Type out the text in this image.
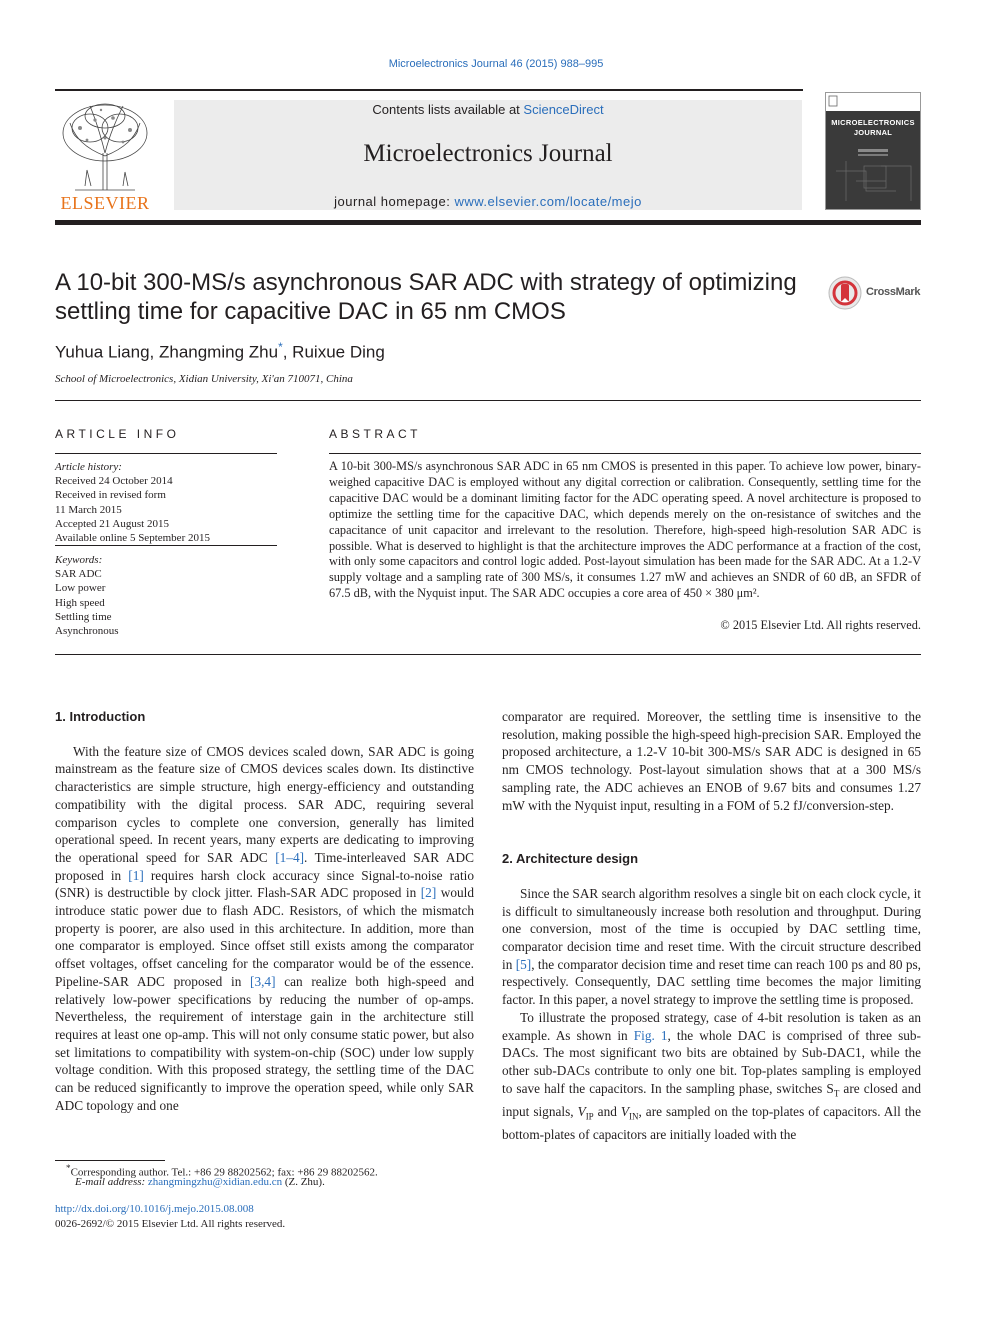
Microelectronics Journal 46 (2015) 988–995
ELSEVIER
Contents lists available at ScienceDirect
Microelectronics Journal
journal homepage: www.elsevier.com/locate/mejo
MICROELECTRONICS
JOURNAL
A 10-bit 300-MS/s asynchronous SAR ADC with strategy of optimizing settling time for capacitive DAC in 65 nm CMOS
CrossMark
Yuhua Liang, Zhangming Zhu*, Ruixue Ding
School of Microelectronics, Xidian University, Xi'an 710071, China
ARTICLE INFO
Article history:
Received 24 October 2014
Received in revised form
11 March 2015
Accepted 21 August 2015
Available online 5 September 2015
Keywords:
SAR ADC
Low power
High speed
Settling time
Asynchronous
ABSTRACT
A 10-bit 300-MS/s asynchronous SAR ADC in 65 nm CMOS is presented in this paper. To achieve low power, binary-weighed capacitive DAC is employed without any digital correction or calibration. Consequently, settling time for the capacitive DAC would be a dominant limiting factor for the ADC operating speed. A novel architecture is proposed to optimize the settling time for the capacitive DAC, which depends merely on the on-resistance of switches and the capacitance of unit capacitor and irrelevant to the resolution. Therefore, high-speed high-resolution SAR ADC is possible. What is deserved to highlight is that the architecture improves the ADC performance at a fraction of the cost, with only some capacitors and control logic added. Post-layout simulation has been made for the SAR ADC. At a 1.2-V supply voltage and a sampling rate of 300 MS/s, it consumes 1.27 mW and achieves an SNDR of 60 dB, an SFDR of 67.5 dB, with the Nyquist input. The SAR ADC occupies a core area of 450 × 380 μm².
© 2015 Elsevier Ltd. All rights reserved.
1. Introduction

With the feature size of CMOS devices scaled down, SAR ADC is going mainstream as the feature size of CMOS devices scales down. Its distinctive characteristics are simple structure, high energy-efficiency and outstanding compatibility with the digital process. SAR ADC, requiring several comparison cycles to complete one conversion, generally has limited operational speed. In recent years, many experts are dedicating to improving the operational speed for SAR ADC [1–4]. Time-interleaved SAR ADC proposed in [1] requires harsh clock accuracy since Signal-to-noise ratio (SNR) is destructible by clock jitter. Flash-SAR ADC proposed in [2] would introduce static power due to flash ADC. Resistors, of which the mismatch property is poorer, are also used in this architecture. In addition, more than one comparator is employed. Since offset still exists among the comparator offset voltages, offset canceling for the comparator would be of the essence. Pipeline-SAR ADC proposed in [3,4] can realize both high-speed and relatively low-power specifications by reducing the number of op-amps. Nevertheless, the requirement of interstage gain in the architecture still requires at least one op-amp. This will not only consume static power, but also set limitations to compatibility with system-on-chip (SOC) under low supply voltage condition. With this proposed strategy, the settling time of the DAC can be reduced significantly to improve the operation speed, while only SAR ADC topology and one

comparator are required. Moreover, the settling time is insensitive to the resolution, making possible the high-speed high-precision SAR. Employed the proposed architecture, a 1.2-V 10-bit 300-MS/s SAR ADC is designed in 65 nm CMOS technology. Post-layout simulation shows that at a 300 MS/s sampling rate, the ADC achieves an ENOB of 9.67 bits and consumes 1.27 mW with the Nyquist input, resulting in a FOM of 5.2 fJ/conversion-step.

2. Architecture design

Since the SAR search algorithm resolves a single bit on each clock cycle, it is difficult to simultaneously increase both resolution and throughput. During one conversion, most of the time is occupied by DAC settling time, comparator decision time and reset time. With the circuit structure described in [5], the comparator decision time and reset time can reach 100 ps and 80 ps, respectively. Consequently, DAC settling time becomes the major limiting factor. In this paper, a novel strategy to improve the settling time is proposed.

To illustrate the proposed strategy, case of 4-bit resolution is taken as an example. As shown in Fig. 1, the whole DAC is comprised of three sub-DACs. The most significant two bits are obtained by Sub-DAC1, while the other sub-DACs contribute to only one bit. Top-plates sampling is employed to save half the capacitors. In the sampling phase, switches $S_T$ are closed and input signals, $V_{IP}$ and $V_{IN}$, are sampled on the top-plates of capacitors. All the bottom-plates of capacitors are initially loaded with the

*Corresponding author. Tel.: +86 29 88202562; fax: +86 29 88202562.
E-mail address: zhangmingzhu@xidian.edu.cn (Z. Zhu).
http://dx.doi.org/10.1016/j.mejo.2015.08.008
0026-2692/© 2015 Elsevier Ltd. All rights reserved.
